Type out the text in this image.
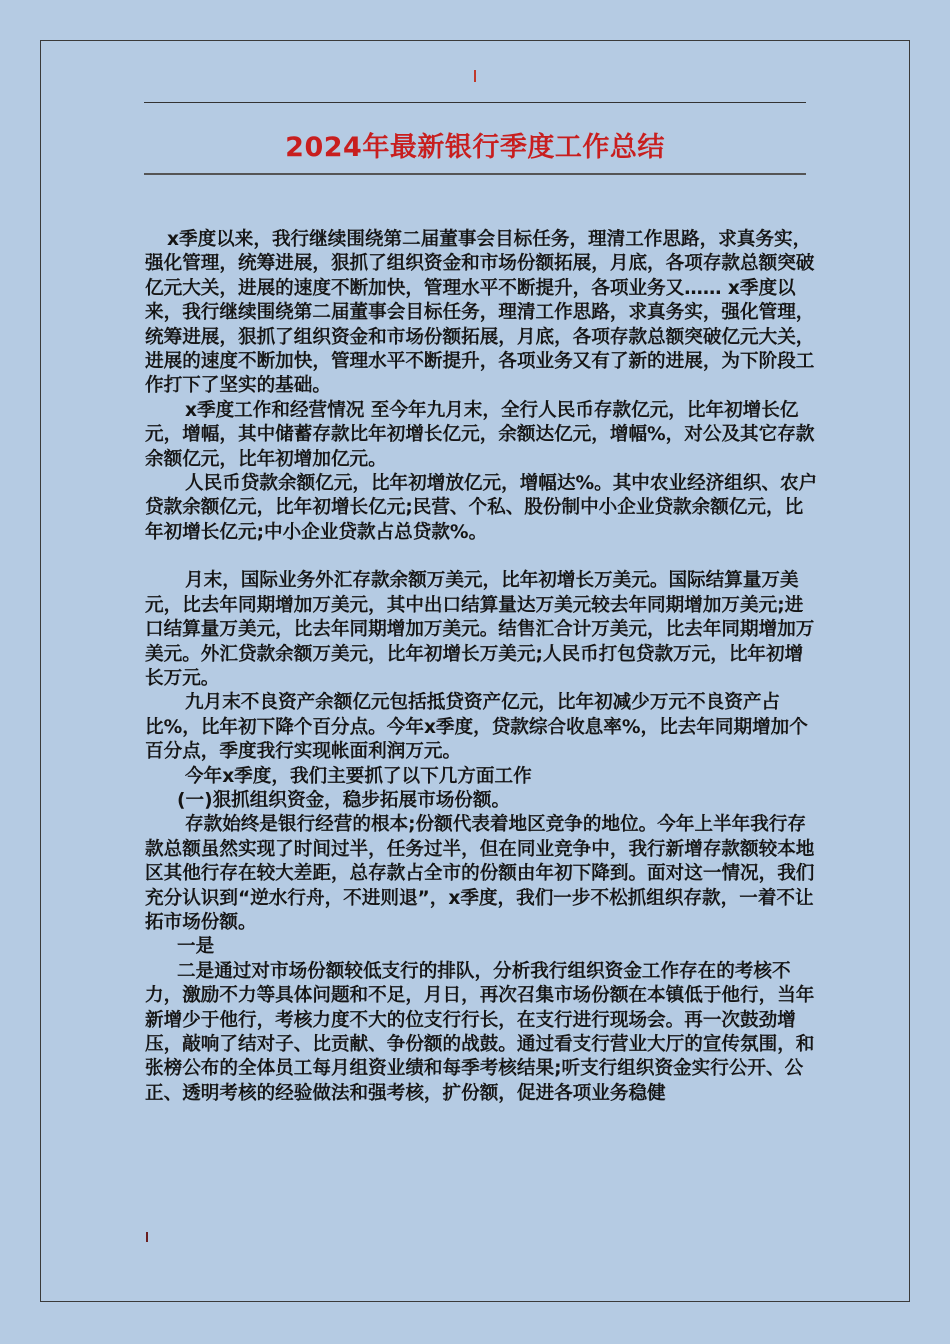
2024年最新银行季度工作总结

x季度以来，我行继续围绕第二届董事会目标任务，理清工作思路，求真务实，强化管理，统筹进展，狠抓了组织资金和市场份额拓展，月底，各项存款总额突破亿元大关，进展的速度不断加快，管理水平不断提升，各项业务又…… x季度以来，我行继续围绕第二届董事会目标任务，理清工作思路，求真务实，强化管理，统筹进展，狠抓了组织资金和市场份额拓展，月底，各项存款总额突破亿元大关，进展的速度不断加快，管理水平不断提升，各项业务又有了新的进展，为下阶段工作打下了坚实的基础。

x季度工作和经营情况 至今年九月末，全行人民币存款亿元，比年初增长亿元，增幅，其中储蓄存款比年初增长亿元，余额达亿元，增幅%，对公及其它存款余额亿元，比年初增加亿元。

人民币贷款余额亿元，比年初增放亿元，增幅达%。其中农业经济组织、农户贷款余额亿元，比年初增长亿元;民营、个私、股份制中小企业贷款余额亿元，比年初增长亿元;中小企业贷款占总贷款%。

月末，国际业务外汇存款余额万美元，比年初增长万美元。国际结算量万美元，比去年同期增加万美元，其中出口结算量达万美元较去年同期增加万美元;进口结算量万美元，比去年同期增加万美元。结售汇合计万美元，比去年同期增加万美元。外汇贷款余额万美元，比年初增长万美元;人民币打包贷款万元，比年初增长万元。

九月末不良资产余额亿元包括抵贷资产亿元，比年初减少万元不良资产占比%，比年初下降个百分点。今年x季度，贷款综合收息率%，比去年同期增加个百分点，季度我行实现帐面利润万元。

今年x季度，我们主要抓了以下几方面工作

(一)狠抓组织资金，稳步拓展市场份额。

存款始终是银行经营的根本;份额代表着地区竞争的地位。今年上半年我行存款总额虽然实现了时间过半，任务过半，但在同业竞争中，我行新增存款额较本地区其他行存在较大差距，总存款占全市的份额由年初下降到。面对这一情况，我们充分认识到“逆水行舟，不进则退”，x季度，我们一步不松抓组织存款，一着不让拓市场份额。

一是

二是通过对市场份额较低支行的排队，分析我行组织资金工作存在的考核不力，激励不力等具体问题和不足，月日，再次召集市场份额在本镇低于他行，当年新增少于他行，考核力度不大的位支行行长，在支行进行现场会。再一次鼓劲增压，敲响了结对子、比贡献、争份额的战鼓。通过看支行营业大厅的宣传氛围，和张榜公布的全体员工每月组资业绩和每季考核结果;听支行组织资金实行公开、公正、透明考核的经验做法和强考核，扩份额，促进各项业务稳健
